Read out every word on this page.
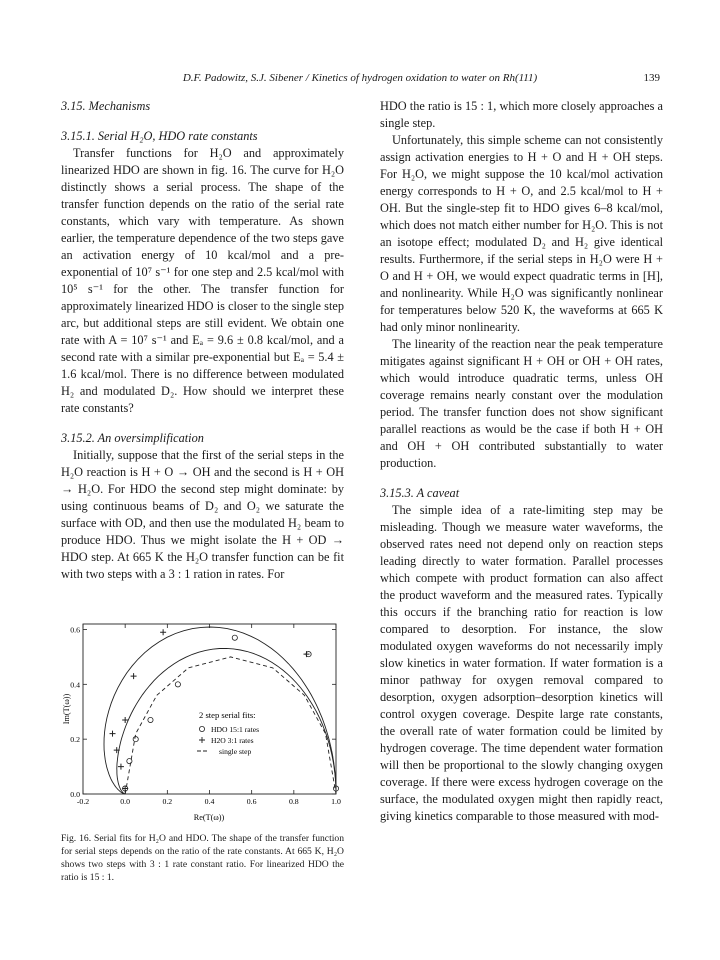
D.F. Padowitz, S.J. Sibener / Kinetics of hydrogen oxidation to water on Rh(111)	139

3.15. Mechanisms

3.15.1. Serial H₂O, HDO rate constants

Transfer functions for H₂O and approximately linearized HDO are shown in fig. 16. The curve for H₂O distinctly shows a serial process. The shape of the transfer function depends on the ratio of the serial rate constants, which vary with temperature. As shown earlier, the temperature dependence of the two steps gave an activation energy of 10 kcal/mol and a pre-exponential of 10⁷ s⁻¹ for one step and 2.5 kcal/mol with 10⁵ s⁻¹ for the other. The transfer function for approximately linearized HDO is closer to the single step arc, but additional steps are still evident. We obtain one rate with A = 10⁷ s⁻¹ and Eₐ = 9.6 ± 0.8 kcal/mol, and a second rate with a similar pre-exponential but Eₐ = 5.4 ± 1.6 kcal/mol. There is no difference between modulated H₂ and modulated D₂. How should we interpret these rate constants?

3.15.2. An oversimplification

Initially, suppose that the first of the serial steps in the H₂O reaction is H + O → OH and the second is H + OH → H₂O. For HDO the second step might dominate: by using continuous beams of D₂ and O₂ we saturate the surface with OD, and then use the modulated H₂ beam to produce HDO. Thus we might isolate the H + OD → HDO step. At 665 K the H₂O transfer function can be fit with two steps with a 3 : 1 ration in rates. For

-0.2	0.0	0.2	0.4	0.6	0.8	1.0
0.6
0.4
0.2
0.0
2 step serial fits:
HDO 15:1 rates
H2O 3:1 rates
single step
Re(T(ω))
Im(T(ω))
Fig. 16. Serial fits for H₂O and HDO. The shape of the transfer function for serial steps depends on the ratio of the rate constants. At 665 K, H₂O shows two steps with 3 : 1 rate constant ratio. For linearized HDO the ratio is 15 : 1.

HDO the ratio is 15 : 1, which more closely approaches a single step.

Unfortunately, this simple scheme can not consistently assign activation energies to H + O and H + OH steps. For H₂O, we might suppose the 10 kcal/mol activation energy corresponds to H + O, and 2.5 kcal/mol to H + OH. But the single-step fit to HDO gives 6–8 kcal/mol, which does not match either number for H₂O. This is not an isotope effect; modulated D₂ and H₂ give identical results. Furthermore, if the serial steps in H₂O were H + O and H + OH, we would expect quadratic terms in [H], and nonlinearity. While H₂O was significantly nonlinear for temperatures below 520 K, the waveforms at 665 K had only minor nonlinearity.

The linearity of the reaction near the peak temperature mitigates against significant H + OH or OH + OH rates, which would introduce quadratic terms, unless OH coverage remains nearly constant over the modulation period. The transfer function does not show significant parallel reactions as would be the case if both H + OH and OH + OH contributed substantially to water production.

3.15.3. A caveat

The simple idea of a rate-limiting step may be misleading. Though we measure water waveforms, the observed rates need not depend only on reaction steps leading directly to water formation. Parallel processes which compete with product formation can also affect the product waveform and the measured rates. Typically this occurs if the branching ratio for reaction is low compared to desorption. For instance, the slow modulated oxygen waveforms do not necessarily imply slow kinetics in water formation. If water formation is a minor pathway for oxygen removal compared to desorption, oxygen adsorption–desorption kinetics will control oxygen coverage. Despite large rate constants, the overall rate of water formation could be limited by hydrogen coverage. The time dependent water formation will then be proportional to the slowly changing oxygen coverage. If there were excess hydrogen coverage on the surface, the modulated oxygen might then rapidly react, giving kinetics comparable to those measured with mod-
